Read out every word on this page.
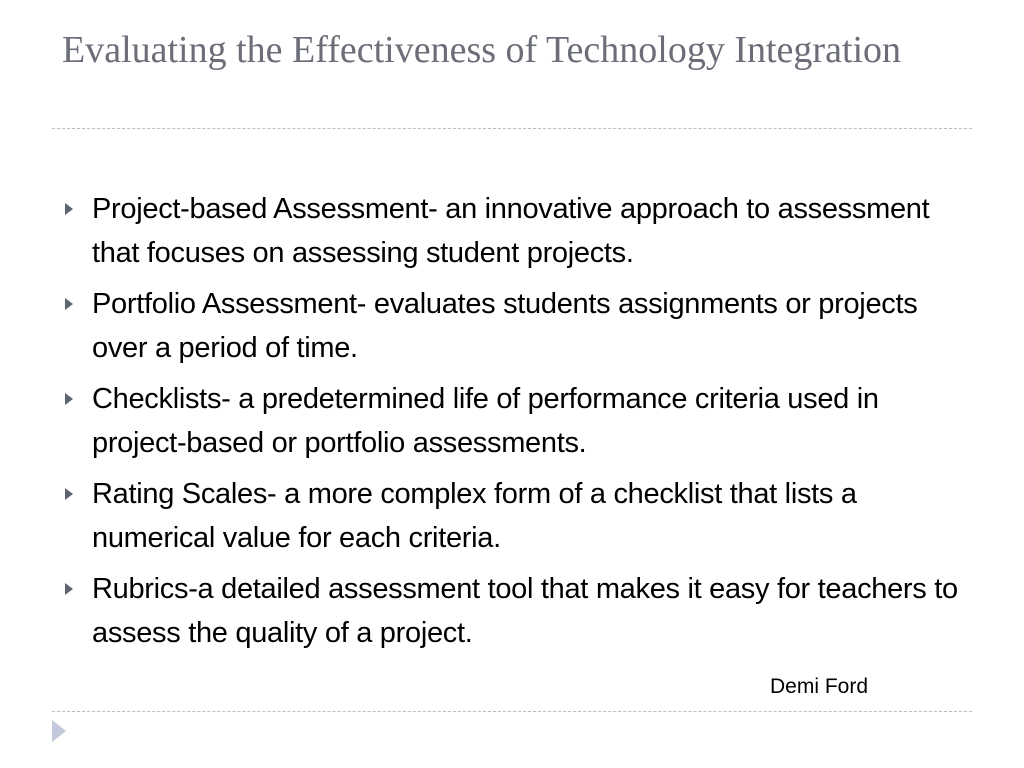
Evaluating the Effectiveness of Technology Integration
Project-based Assessment- an innovative approach to assessment that focuses on assessing student projects.
Portfolio Assessment- evaluates students assignments or projects over a period of time.
Checklists- a predetermined life of performance criteria used in project-based or portfolio assessments.
Rating Scales- a more complex form of a checklist that lists a numerical value for each criteria.
Rubrics-a detailed assessment tool that makes it easy for teachers to assess the quality of a project.

Demi Ford
